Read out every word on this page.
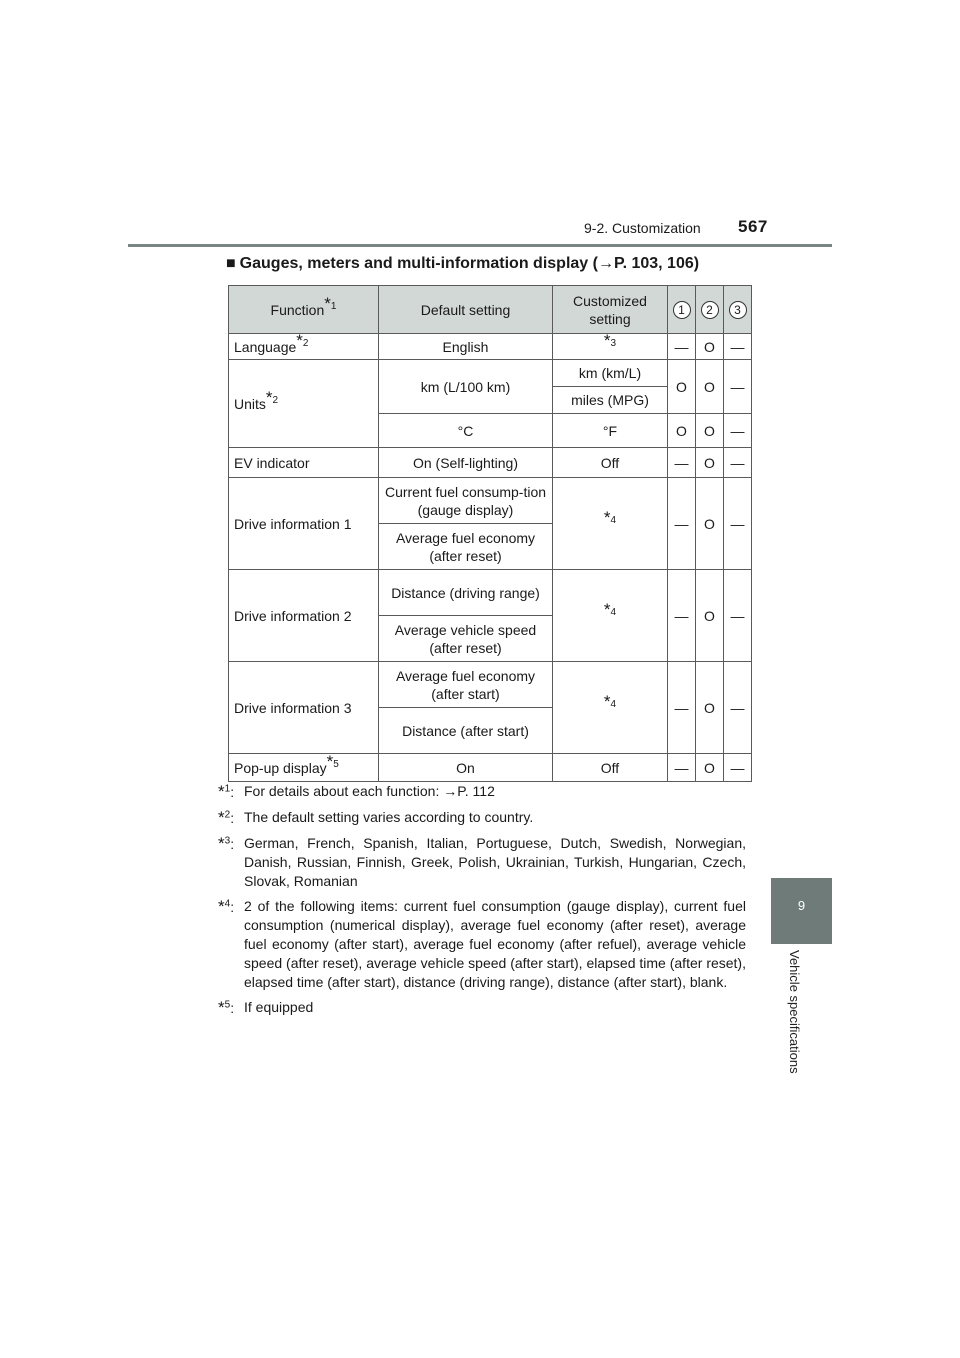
9-2. Customization 567
9
Vehicle specifications
■ Gauges, meters and multi-information display (→P. 103, 106)
Function$^{*1}$	Default setting	Customized setting	1	2	3
Language$^{*2}$	English	$^{*3}$	—	O	—
Units$^{*2}$	km (L/100 km)	km (km/L)	O	O	—
		miles (MPG)			
	°C	°F	O	O	—
EV indicator	On (Self-lighting)	Off	—	O	—
Drive information 1	Current fuel consump-tion (gauge display)	$^{*4}$	—	O	—
	Average fuel economy (after reset)				
Drive information 2	Distance (driving range)	$^{*4}$	—	O	—
	Average vehicle speed (after reset)				
Drive information 3	Average fuel economy (after start)	$^{*4}$	—	O	—
	Distance (after start)				
Pop-up display$^{*5}$	On	Off	—	O	—
*$^1$: For details about each function: →P. 112
*$^2$: The default setting varies according to country.
*$^3$: German, French, Spanish, Italian, Portuguese, Dutch, Swedish, Norwegian, Danish, Russian, Finnish, Greek, Polish, Ukrainian, Turkish, Hungarian, Czech, Slovak, Romanian
*$^4$: 2 of the following items: current fuel consumption (gauge display), current fuel consumption (numerical display), average fuel economy (after reset), average fuel economy (after start), average fuel economy (after refuel), average vehicle speed (after reset), average vehicle speed (after start), elapsed time (after reset), elapsed time (after start), distance (driving range), distance (after start), blank.
*$^5$: If equipped
